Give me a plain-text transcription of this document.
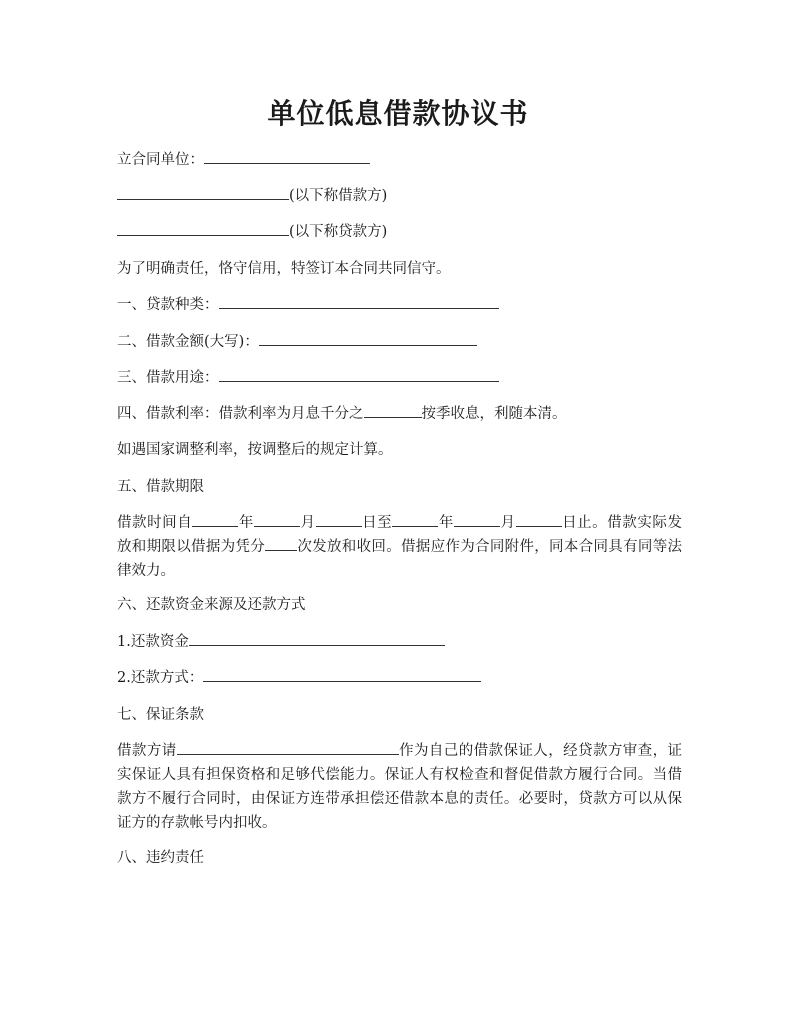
单位低息借款协议书

立合同单位：

(以下称借款方)

(以下称贷款方)

为了明确责任，恪守信用，特签订本合同共同信守。

一、贷款种类：

二、借款金额(大写)：

三、借款用途：

四、借款利率：借款利率为月息千分之	按季收息，利随本清。

如遇国家调整利率，按调整后的规定计算。

五、借款期限

借款时间自	年	月	日至	年	月	日止。借款实际发放和期限以借据为凭分 次发放和收回。借据应作为合同附件，同本合同具有同等法律效力。

六、还款资金来源及还款方式

1.还款资金

2.还款方式：

七、保证条款

借款方请	作为自己的借款保证人，经贷款方审查，证实保证人具有担保资格和足够代偿能力。保证人有权检查和督促借款方履行合同。当借款方不履行合同时，由保证方连带承担偿还借款本息的责任。必要时，贷款方可以从保证方的存款帐号内扣收。

八、违约责任
